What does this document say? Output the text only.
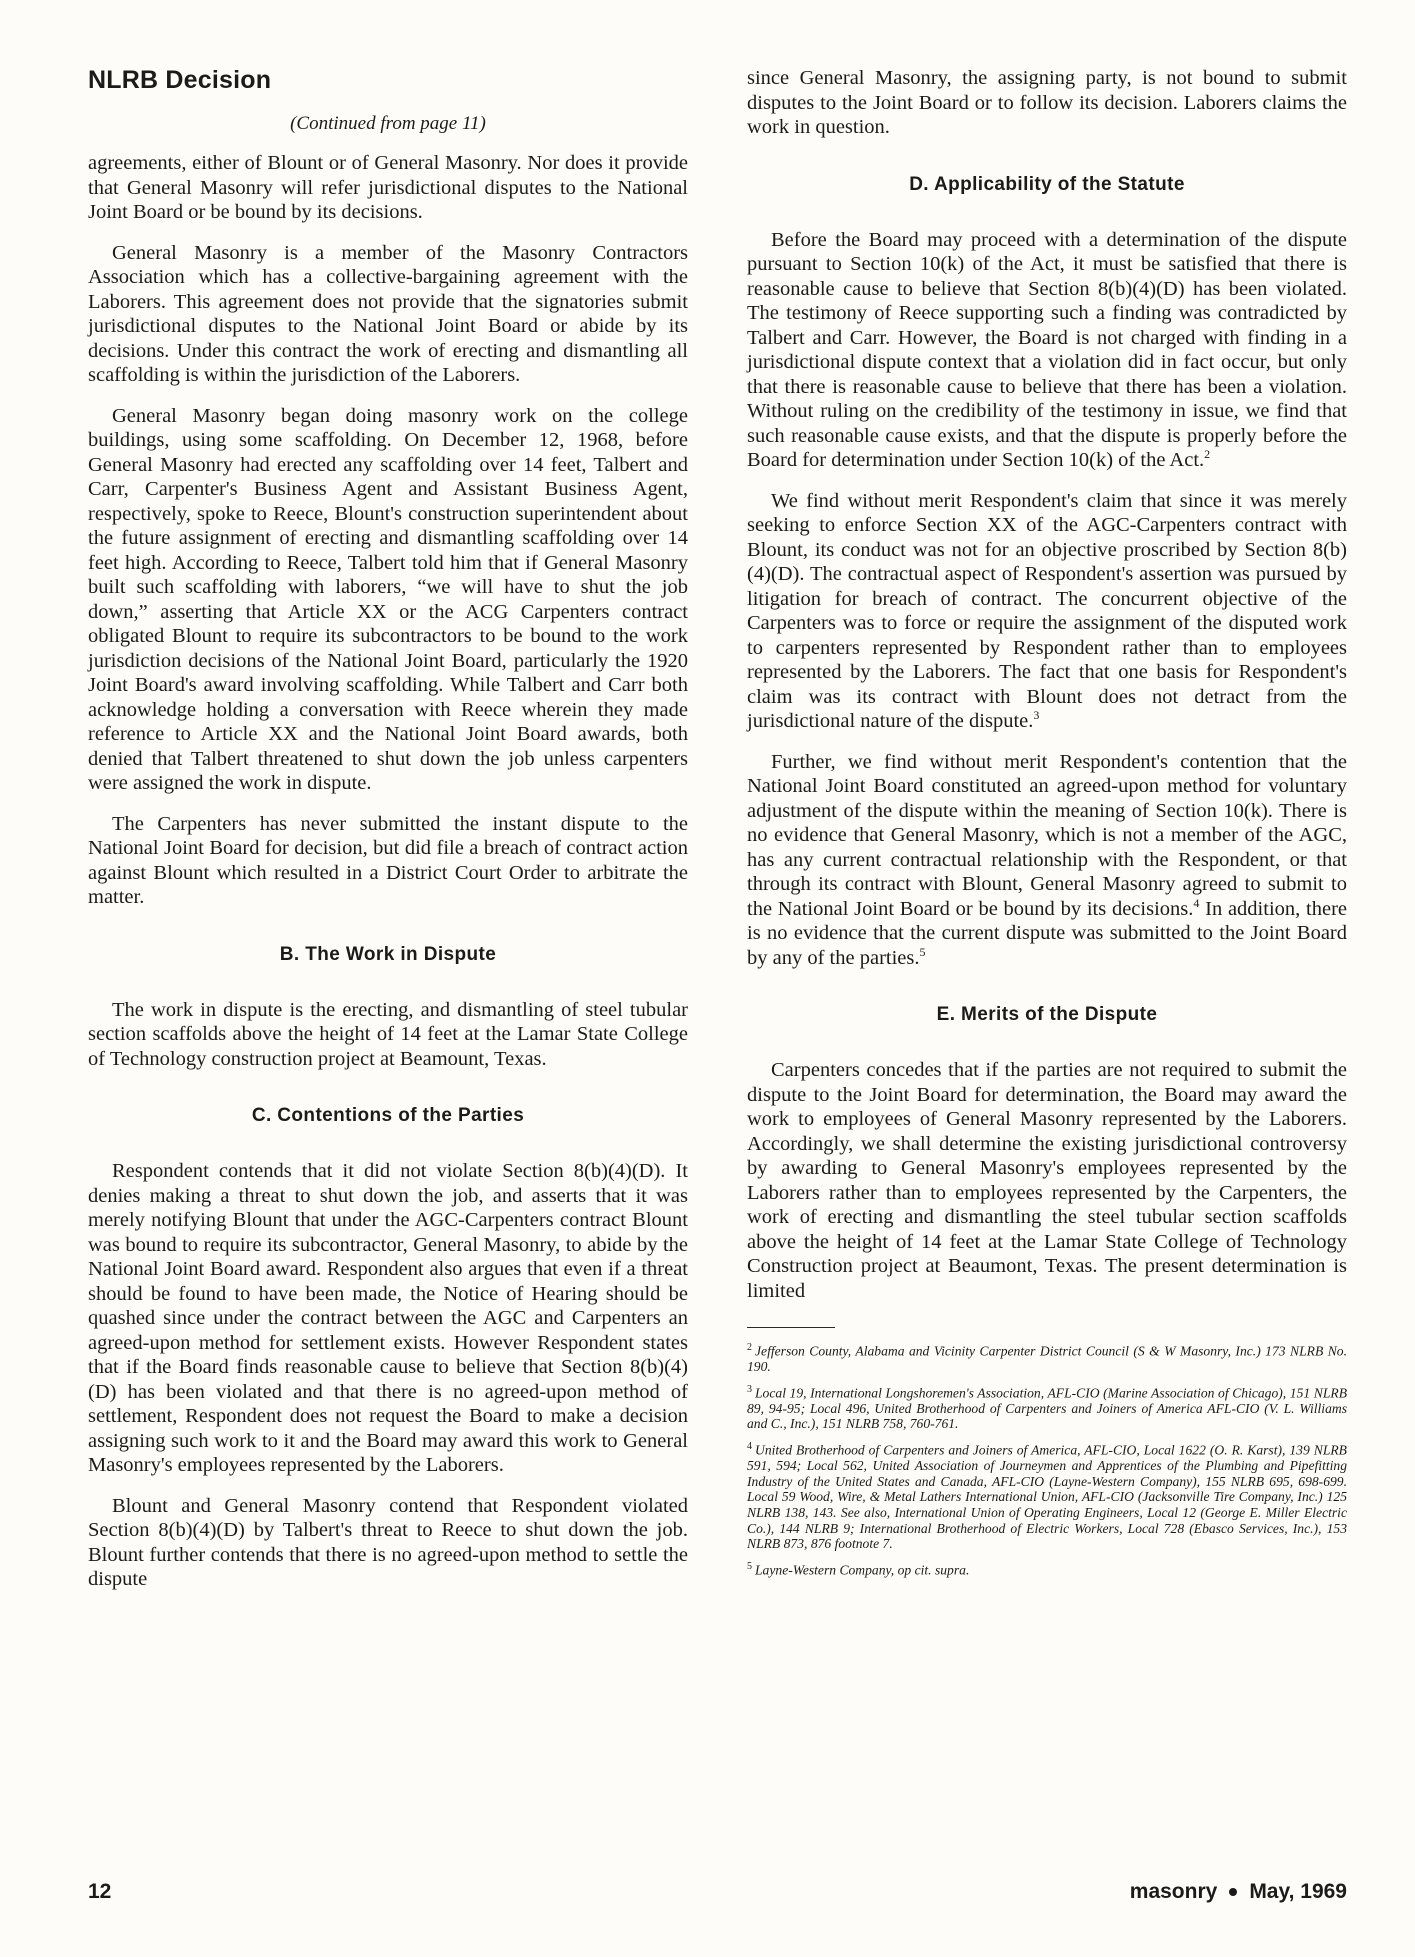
NLRB Decision
(Continued from page 11)

agreements, either of Blount or of General Masonry. Nor does it provide that General Masonry will refer jurisdictional disputes to the National Joint Board or be bound by its decisions.

General Masonry is a member of the Masonry Contractors Association which has a collective-bargaining agreement with the Laborers. This agreement does not provide that the signatories submit jurisdictional disputes to the National Joint Board or abide by its decisions. Under this contract the work of erecting and dismantling all scaffolding is within the jurisdiction of the Laborers.

General Masonry began doing masonry work on the college buildings, using some scaffolding. On December 12, 1968, before General Masonry had erected any scaffolding over 14 feet, Talbert and Carr, Carpenter's Business Agent and Assistant Business Agent, respectively, spoke to Reece, Blount's construction superintendent about the future assignment of erecting and dismantling scaffolding over 14 feet high. According to Reece, Talbert told him that if General Masonry built such scaffolding with laborers, “we will have to shut the job down,” asserting that Article XX or the ACG Carpenters contract obligated Blount to require its subcontractors to be bound to the work jurisdiction decisions of the National Joint Board, particularly the 1920 Joint Board's award involving scaffolding. While Talbert and Carr both acknowledge holding a conversation with Reece wherein they made reference to Article XX and the National Joint Board awards, both denied that Talbert threatened to shut down the job unless carpenters were assigned the work in dispute.

The Carpenters has never submitted the instant dispute to the National Joint Board for decision, but did file a breach of contract action against Blount which resulted in a District Court Order to arbitrate the matter.

B. The Work in Dispute

The work in dispute is the erecting, and dismantling of steel tubular section scaffolds above the height of 14 feet at the Lamar State College of Technology construction project at Beamount, Texas.

C. Contentions of the Parties

Respondent contends that it did not violate Section 8(b)(4)(D). It denies making a threat to shut down the job, and asserts that it was merely notifying Blount that under the AGC-Carpenters contract Blount was bound to require its subcontractor, General Masonry, to abide by the National Joint Board award. Respondent also argues that even if a threat should be found to have been made, the Notice of Hearing should be quashed since under the contract between the AGC and Carpenters an agreed-upon method for settlement exists. However Respondent states that if the Board finds reasonable cause to believe that Section 8(b)(4)(D) has been violated and that there is no agreed-upon method of settlement, Respondent does not request the Board to make a decision assigning such work to it and the Board may award this work to General Masonry's employees represented by the Laborers.

Blount and General Masonry contend that Respondent violated Section 8(b)(4)(D) by Talbert's threat to Reece to shut down the job. Blount further contends that there is no agreed-upon method to settle the dispute

since General Masonry, the assigning party, is not bound to submit disputes to the Joint Board or to follow its decision. Laborers claims the work in question.

D. Applicability of the Statute

Before the Board may proceed with a determination of the dispute pursuant to Section 10(k) of the Act, it must be satisfied that there is reasonable cause to believe that Section 8(b)(4)(D) has been violated. The testimony of Reece supporting such a finding was contradicted by Talbert and Carr. However, the Board is not charged with finding in a jurisdictional dispute context that a violation did in fact occur, but only that there is reasonable cause to believe that there has been a violation. Without ruling on the credibility of the testimony in issue, we find that such reasonable cause exists, and that the dispute is properly before the Board for determination under Section 10(k) of the Act.$^2$

We find without merit Respondent's claim that since it was merely seeking to enforce Section XX of the AGC-Carpenters contract with Blount, its conduct was not for an objective proscribed by Section 8(b)(4)(D). The contractual aspect of Respondent's assertion was pursued by litigation for breach of contract. The concurrent objective of the Carpenters was to force or require the assignment of the disputed work to carpenters represented by Respondent rather than to employees represented by the Laborers. The fact that one basis for Respondent's claim was its contract with Blount does not detract from the jurisdictional nature of the dispute.$^3$

Further, we find without merit Respondent's contention that the National Joint Board constituted an agreed-upon method for voluntary adjustment of the dispute within the meaning of Section 10(k). There is no evidence that General Masonry, which is not a member of the AGC, has any current contractual relationship with the Respondent, or that through its contract with Blount, General Masonry agreed to submit to the National Joint Board or be bound by its decisions.$^4$ In addition, there is no evidence that the current dispute was submitted to the Joint Board by any of the parties.$^5$

E. Merits of the Dispute

Carpenters concedes that if the parties are not required to submit the dispute to the Joint Board for determination, the Board may award the work to employees of General Masonry represented by the Laborers. Accordingly, we shall determine the existing jurisdictional controversy by awarding to General Masonry's employees represented by the Laborers rather than to employees represented by the Carpenters, the work of erecting and dismantling the steel tubular section scaffolds above the height of 14 feet at the Lamar State College of Technology Construction project at Beaumont, Texas. The present determination is limited

$^2$ Jefferson County, Alabama and Vicinity Carpenter District Council (S & W Masonry, Inc.) 173 NLRB No. 190.

$^3$ Local 19, International Longshoremen's Association, AFL-CIO (Marine Association of Chicago), 151 NLRB 89, 94-95; Local 496, United Brotherhood of Carpenters and Joiners of America AFL-CIO (V. L. Williams and C., Inc.), 151 NLRB 758, 760-761.

$^4$ United Brotherhood of Carpenters and Joiners of America, AFL-CIO, Local 1622 (O. R. Karst), 139 NLRB 591, 594; Local 562, United Association of Journeymen and Apprentices of the Plumbing and Pipefitting Industry of the United States and Canada, AFL-CIO (Layne-Western Company), 155 NLRB 695, 698-699. Local 59 Wood, Wire, & Metal Lathers International Union, AFL-CIO (Jacksonville Tire Company, Inc.) 125 NLRB 138, 143. See also, International Union of Operating Engineers, Local 12 (George E. Miller Electric Co.), 144 NLRB 9; International Brotherhood of Electric Workers, Local 728 (Ebasco Services, Inc.), 153 NLRB 873, 876 footnote 7.

$^5$ Layne-Western Company, op cit. supra.

12	masonry May, 1969
